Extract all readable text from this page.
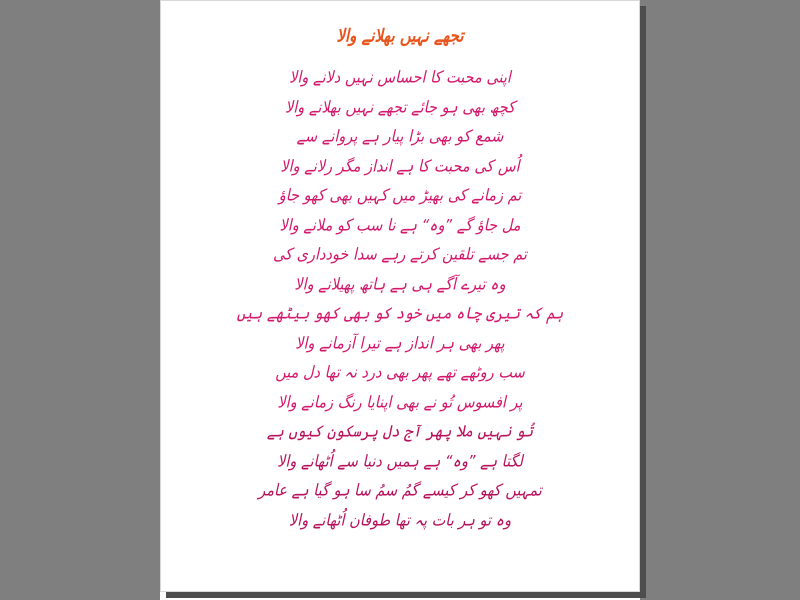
تجھے نہیں بھلانے والا
اپنی محبت کا احساس نہیں دلانے والا
کچھ بھی ہو جائے تجھے نہیں بھلانے والا
شمع کو بھی بڑا پیار ہے پروانے سے
اُس کی محبت کا ہے انداز مگر رلانے والا
تم زمانے کی بھیڑ میں کہیں بھی کھو جاؤ
مل جاؤ گے ”وہ“ ہے نا سب کو ملانے والا
تم جسے تلقین کرتے رہے سدا خودداری کی
وہ تیرے آگے ہی ہے ہاتھ پھیلانے والا
ہم کہ تیری چاہ میں خود کو بھی کھو بیٹھے ہیں
پھر بھی ہر انداز ہے تیرا آزمانے والا
سب روٹھے تھے پھر بھی درد نہ تھا دل میں
پر افسوس تُو نے بھی اپنایا رنگ زمانے والا
تُو نہیں ملا پھر آج دل پرسکون کیوں ہے
لگتا ہے ”وہ“ ہے ہمیں دنیا سے اُٹھانے والا
تمہیں کھو کر کیسے گمُ سمُ سا ہو گیا ہے عامر
وہ تو ہر بات پہ تھا طوفان اُٹھانے والا
